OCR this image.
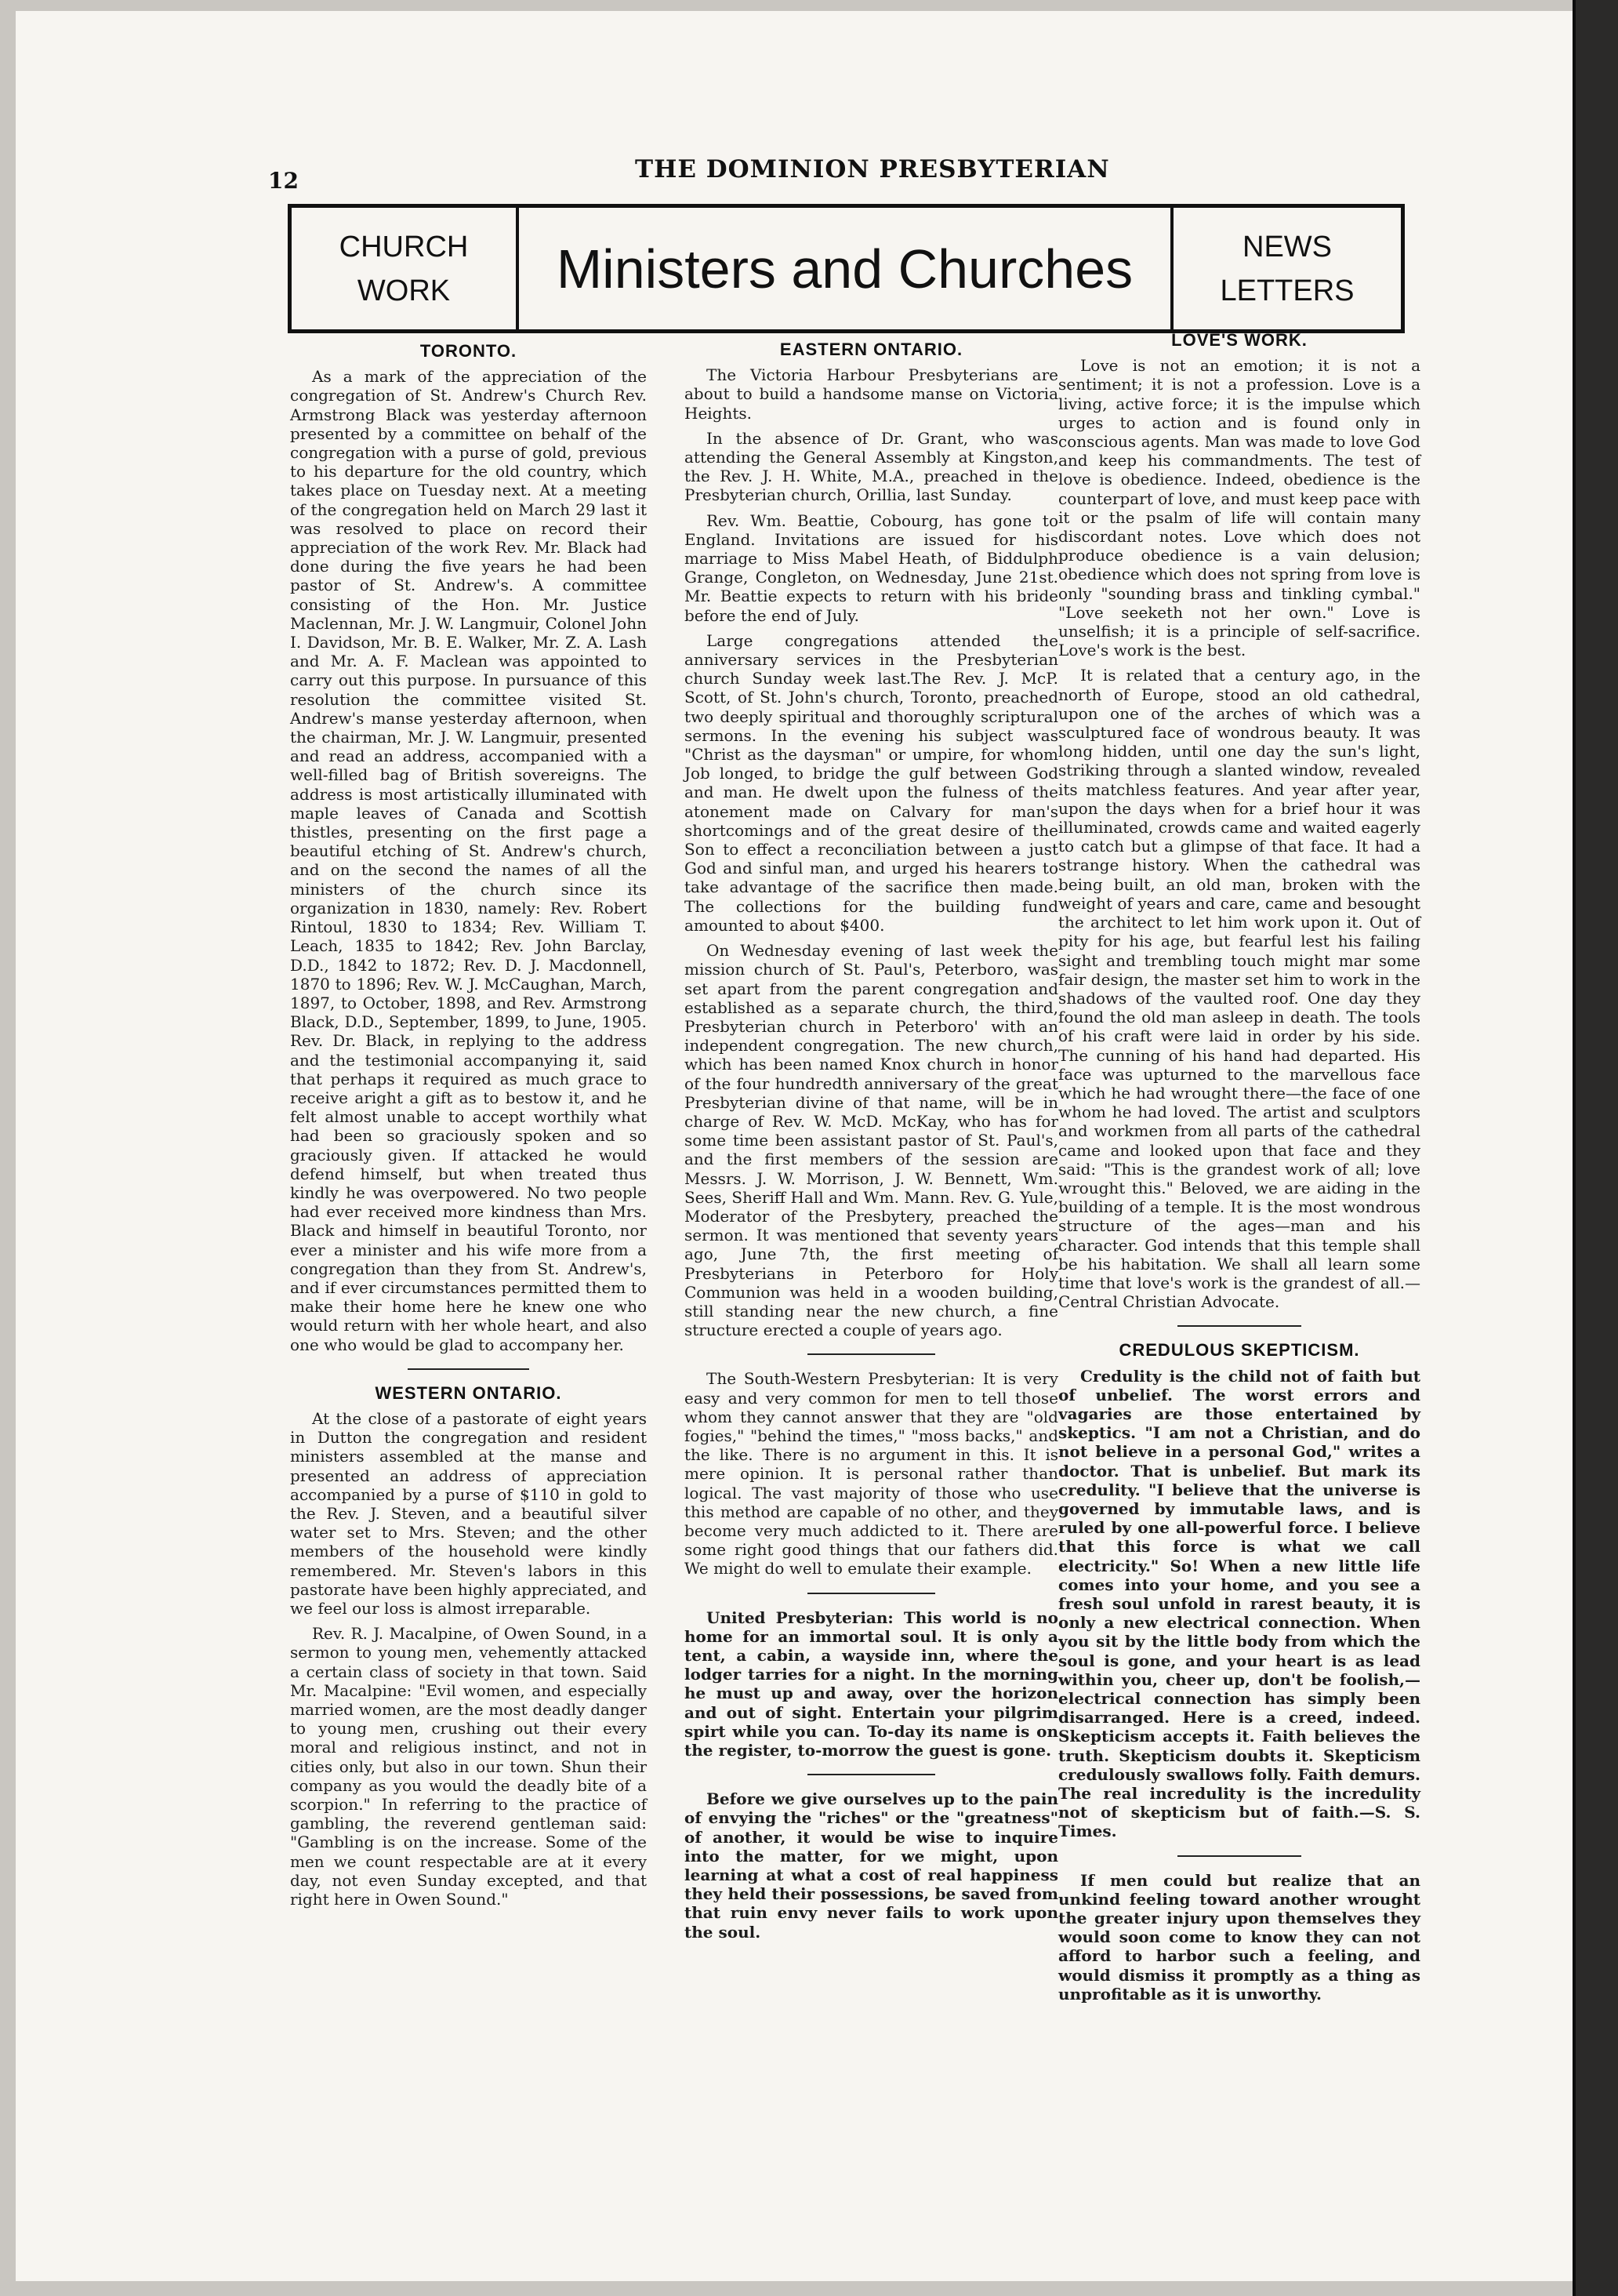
12	THE DOMINION PRESBYTERIAN
CHURCH
WORK	Ministers and Churches	NEWS
LETTERS
TORONTO.

As a mark of the appreciation of the congregation of St. Andrew's Church Rev. Armstrong Black was yesterday afternoon presented by a committee on behalf of the congregation with a purse of gold, previous to his departure for the old country, which takes place on Tuesday next. At a meeting of the congregation held on March 29 last it was resolved to place on record their appreciation of the work Rev. Mr. Black had done during the five years he had been pastor of St. Andrew's. A committee consisting of the Hon. Mr. Justice Maclennan, Mr. J. W. Langmuir, Colonel John I. Davidson, Mr. B. E. Walker, Mr. Z. A. Lash and Mr. A. F. Maclean was appointed to carry out this purpose. In pursuance of this resolution the committee visited St. Andrew's manse yesterday afternoon, when the chairman, Mr. J. W. Langmuir, presented and read an address, accompanied with a well-filled bag of British sovereigns. The address is most artistically illuminated with maple leaves of Canada and Scottish thistles, presenting on the first page a beautiful etching of St. Andrew's church, and on the second the names of all the ministers of the church since its organization in 1830, namely: Rev. Robert Rintoul, 1830 to 1834; Rev. William T. Leach, 1835 to 1842; Rev. John Barclay, D.D., 1842 to 1872; Rev. D. J. Macdonnell, 1870 to 1896; Rev. W. J. McCaughan, March, 1897, to October, 1898, and Rev. Armstrong Black, D.D., September, 1899, to June, 1905. Rev. Dr. Black, in replying to the address and the testimonial accompanying it, said that perhaps it required as much grace to receive aright a gift as to bestow it, and he felt almost unable to accept worthily what had been so graciously spoken and so graciously given. If attacked he would defend himself, but when treated thus kindly he was overpowered. No two people had ever received more kindness than Mrs. Black and himself in beautiful Toronto, nor ever a minister and his wife more from a congregation than they from St. Andrew's, and if ever circumstances permitted them to make their home here he knew one who would return with her whole heart, and also one who would be glad to accompany her.

WESTERN ONTARIO.

At the close of a pastorate of eight years in Dutton the congregation and resident ministers assembled at the manse and presented an address of appreciation accompanied by a purse of $110 in gold to the Rev. J. Steven, and a beautiful silver water set to Mrs. Steven; and the other members of the household were kindly remembered. Mr. Steven's labors in this pastorate have been highly appreciated, and we feel our loss is almost irreparable.

Rev. R. J. Macalpine, of Owen Sound, in a sermon to young men, vehemently attacked a certain class of society in that town. Said Mr. Macalpine: "Evil women, and especially married women, are the most deadly danger to young men, crushing out their every moral and religious instinct, and not in cities only, but also in our town. Shun their company as you would the deadly bite of a scorpion." In referring to the practice of gambling, the reverend gentleman said: "Gambling is on the increase. Some of the men we count respectable are at it every day, not even Sunday excepted, and that right here in Owen Sound."

EASTERN ONTARIO.

The Victoria Harbour Presbyterians are about to build a handsome manse on Victoria Heights.

In the absence of Dr. Grant, who was attending the General Assembly at Kingston, the Rev. J. H. White, M.A., preached in the Presbyterian church, Orillia, last Sunday.

Rev. Wm. Beattie, Cobourg, has gone to England. Invitations are issued for his marriage to Miss Mabel Heath, of Biddulph Grange, Congleton, on Wednesday, June 21st. Mr. Beattie expects to return with his bride before the end of July.

Large congregations attended the anniversary services in the Presbyterian church Sunday week last.The Rev. J. McP. Scott, of St. John's church, Toronto, preached two deeply spiritual and thoroughly scriptural sermons. In the evening his subject was "Christ as the daysman" or umpire, for whom Job longed, to bridge the gulf between God and man. He dwelt upon the fulness of the atonement made on Calvary for man's shortcomings and of the great desire of the Son to effect a reconciliation between a just God and sinful man, and urged his hearers to take advantage of the sacrifice then made. The collections for the building fund amounted to about $400.

On Wednesday evening of last week the mission church of St. Paul's, Peterboro, was set apart from the parent congregation and established as a separate church, the third, Presbyterian church in Peterboro' with an independent congregation. The new church, which has been named Knox church in honor of the four hundredth anniversary of the great Presbyterian divine of that name, will be in charge of Rev. W. McD. McKay, who has for some time been assistant pastor of St. Paul's, and the first members of the session are Messrs. J. W. Morrison, J. W. Bennett, Wm. Sees, Sheriff Hall and Wm. Mann. Rev. G. Yule, Moderator of the Presbytery, preached the sermon. It was mentioned that seventy years ago, June 7th, the first meeting of Presbyterians in Peterboro for Holy Communion was held in a wooden building, still standing near the new church, a fine structure erected a couple of years ago.

The South-Western Presbyterian: It is very easy and very common for men to tell those whom they cannot answer that they are "old fogies," "behind the times," "moss backs," and the like. There is no argument in this. It is mere opinion. It is personal rather than logical. The vast majority of those who use this method are capable of no other, and they become very much addicted to it. There are some right good things that our fathers did. We might do well to emulate their example.

United Presbyterian: This world is no home for an immortal soul. It is only a tent, a cabin, a wayside inn, where the lodger tarries for a night. In the morning he must up and away, over the horizon and out of sight. Entertain your pilgrim spirt while you can. To-day its name is on the register, to-morrow the guest is gone.

Before we give ourselves up to the pain of envying the "riches" or the "greatness" of another, it would be wise to inquire into the matter, for we might, upon learning at what a cost of real happiness they held their possessions, be saved from that ruin envy never fails to work upon the soul.

LOVE'S WORK.

Love is not an emotion; it is not a sentiment; it is not a profession. Love is a living, active force; it is the impulse which urges to action and is found only in conscious agents. Man was made to love God and keep his commandments. The test of love is obedience. Indeed, obedience is the counterpart of love, and must keep pace with it or the psalm of life will contain many discordant notes. Love which does not produce obedience is a vain delusion; obedience which does not spring from love is only "sounding brass and tinkling cymbal." "Love seeketh not her own." Love is unselfish; it is a principle of self-sacrifice. Love's work is the best.

It is related that a century ago, in the north of Europe, stood an old cathedral, upon one of the arches of which was a sculptured face of wondrous beauty. It was long hidden, until one day the sun's light, striking through a slanted window, revealed its matchless features. And year after year, upon the days when for a brief hour it was illuminated, crowds came and waited eagerly to catch but a glimpse of that face. It had a strange history. When the cathedral was being built, an old man, broken with the weight of years and care, came and besought the architect to let him work upon it. Out of pity for his age, but fearful lest his failing sight and trembling touch might mar some fair design, the master set him to work in the shadows of the vaulted roof. One day they found the old man asleep in death. The tools of his craft were laid in order by his side. The cunning of his hand had departed. His face was upturned to the marvellous face which he had wrought there—the face of one whom he had loved. The artist and sculptors and workmen from all parts of the cathedral came and looked upon that face and they said: "This is the grandest work of all; love wrought this." Beloved, we are aiding in the building of a temple. It is the most wondrous structure of the ages—man and his character. God intends that this temple shall be his habitation. We shall all learn some time that love's work is the grandest of all.—Central Christian Advocate.

CREDULOUS SKEPTICISM.

Credulity is the child not of faith but of unbelief. The worst errors and vagaries are those entertained by skeptics. "I am not a Christian, and do not believe in a personal God," writes a doctor. That is unbelief. But mark its credulity. "I believe that the universe is governed by immutable laws, and is ruled by one all-powerful force. I believe that this force is what we call electricity." So! When a new little life comes into your home, and you see a fresh soul unfold in rarest beauty, it is only a new electrical connection. When you sit by the little body from which the soul is gone, and your heart is as lead within you, cheer up, don't be foolish,—electrical connection has simply been disarranged. Here is a creed, indeed. Skepticism accepts it. Faith believes the truth. Skepticism doubts it. Skepticism credulously swallows folly. Faith demurs. The real incredulity is the incredulity not of skepticism but of faith.—S. S. Times.

If men could but realize that an unkind feeling toward another wrought the greater injury upon themselves they would soon come to know they can not afford to harbor such a feeling, and would dismiss it promptly as a thing as unprofitable as it is unworthy.
